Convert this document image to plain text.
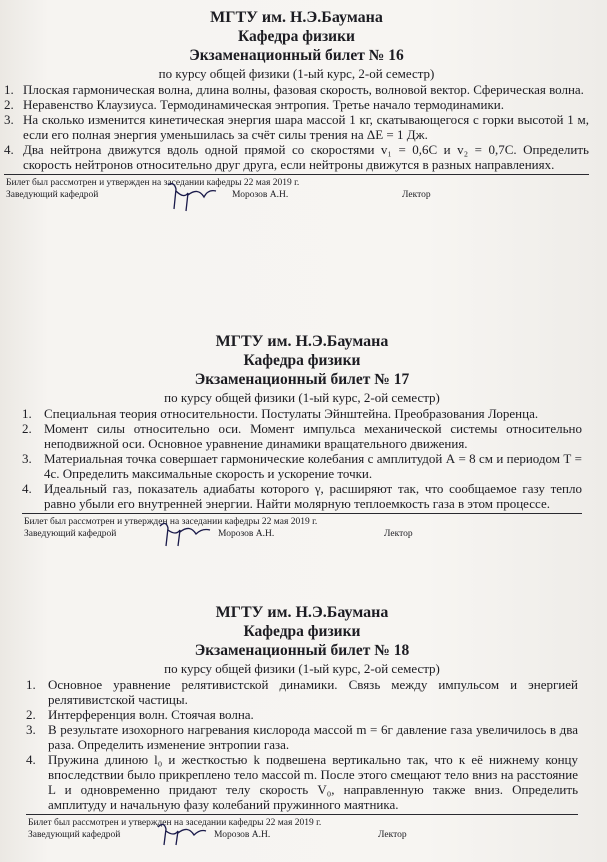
МГТУ им. Н.Э.Баумана
Кафедра физики
Экзаменационный билет № 16
по курсу общей физики (1-ый курс, 2-ой семестр)
1. Плоская гармоническая волна, длина волны, фазовая скорость, волновой вектор. Сферическая волна.
2. Неравенство Клаузиуса. Термодинамическая энтропия. Третье начало термодинамики.
3. На сколько изменится кинетическая энергия шара массой 1 кг, скатывающегося с горки высотой 1 м, если его полная энергия уменьшилась за счёт силы трения на ΔЕ = 1 Дж.
4. Два нейтрона движутся вдоль одной прямой со скоростями v₁ = 0,6C и v₂ = 0,7C. Определить скорость нейтронов относительно друг друга, если нейтроны движутся в разных направлениях.
Билет был рассмотрен и утвержден на заседании кафедры 22 мая 2019 г.
Заведующий кафедрой	Морозов А.Н.	Лектор
МГТУ им. Н.Э.Баумана
Кафедра физики
Экзаменационный билет № 17
по курсу общей физики (1-ый курс, 2-ой семестр)
1. Специальная теория относительности. Постулаты Эйнштейна. Преобразования Лоренца.
2. Момент силы относительно оси. Момент импульса механической системы относительно неподвижной оси. Основное уравнение динамики вращательного движения.
3. Материальная точка совершает гармонические колебания с амплитудой А = 8 см и периодом Т = 4с. Определить максимальные скорость и ускорение точки.
4. Идеальный газ, показатель адиабаты которого γ, расширяют так, что сообщаемое газу тепло равно убыли его внутренней энергии. Найти молярную теплоемкость газа в этом процессе.
Билет был рассмотрен и утвержден на заседании кафедры 22 мая 2019 г.
Заведующий кафедрой	Морозов А.Н.	Лектор
МГТУ им. Н.Э.Баумана
Кафедра физики
Экзаменационный билет № 18
по курсу общей физики (1-ый курс, 2-ой семестр)
1. Основное уравнение релятивистской динамики. Связь между импульсом и энергией релятивистской частицы.
2. Интерференция волн. Стоячая волна.
3. В результате изохорного нагревания кислорода массой m = 6г давление газа увеличилось в два раза. Определить изменение энтропии газа.
4. Пружина длиною l₀ и жесткостью k подвешена вертикально так, что к её нижнему концу впоследствии было прикреплено тело массой m. После этого смещают тело вниз на расстояние L и одновременно придают телу скорость V₀, направленную также вниз. Определить амплитуду и начальную фазу колебаний пружинного маятника.
Билет был рассмотрен и утвержден на заседании кафедры 22 мая 2019 г.
Заведующий кафедрой	Морозов А.Н.	Лектор
